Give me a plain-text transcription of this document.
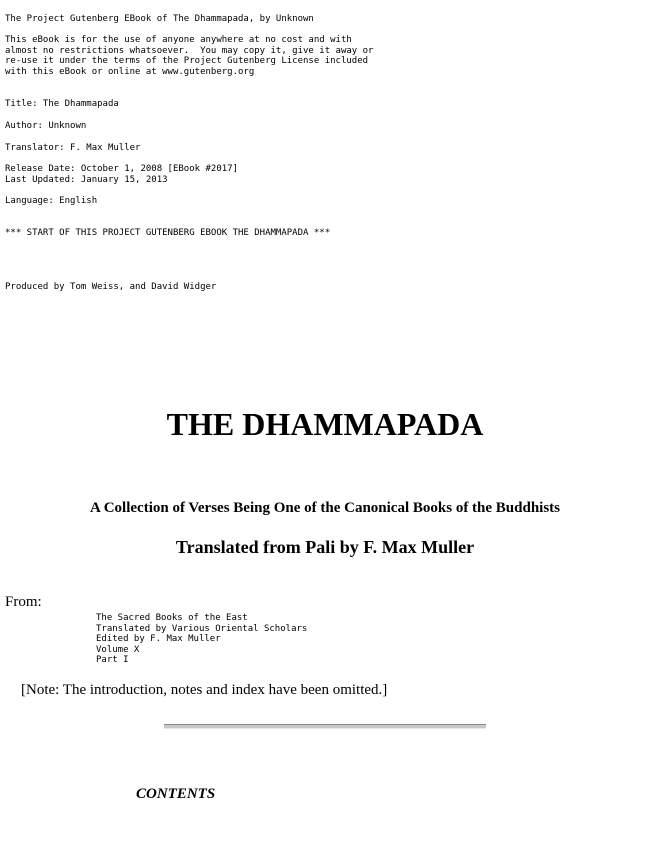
The Project Gutenberg EBook of The Dhammapada, by Unknown
This eBook is for the use of anyone anywhere at no cost and with
almost no restrictions whatsoever.  You may copy it, give it away or
re-use it under the terms of the Project Gutenberg License included
with this eBook or online at www.gutenberg.org
Title: The Dhammapada
Author: Unknown
Translator: F. Max Muller
Release Date: October 1, 2008 [EBook #2017]
Last Updated: January 15, 2013
Language: English
*** START OF THIS PROJECT GUTENBERG EBOOK THE DHAMMAPADA ***
Produced by Tom Weiss, and David Widger
THE DHAMMAPADA
A Collection of Verses Being One of the Canonical Books of the Buddhists
Translated from Pali by F. Max Muller
From:
The Sacred Books of the East
Translated by Various Oriental Scholars
Edited by F. Max Muller
Volume X
Part I
[Note: The introduction, notes and index have been omitted.]
CONTENTS
